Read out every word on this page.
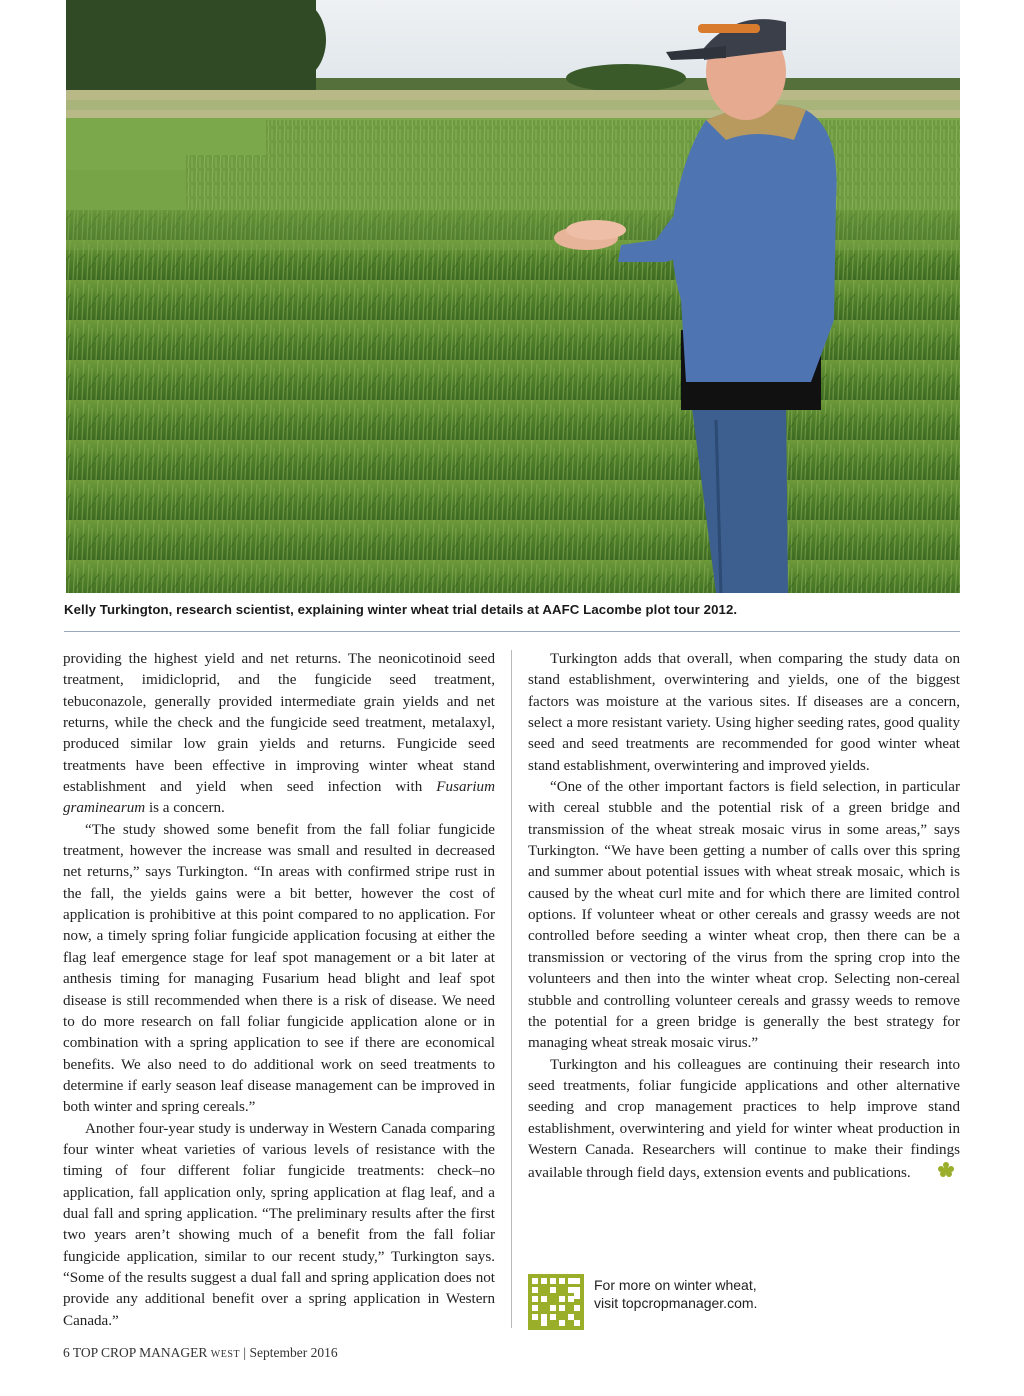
Kelly Turkington, research scientist, explaining winter wheat trial details at AAFC Lacombe plot tour 2012.

providing the highest yield and net returns. The neonicotinoid seed treatment, imidicloprid, and the fungicide seed treatment, tebuconazole, generally provided intermediate grain yields and net returns, while the check and the fungicide seed treatment, metalaxyl, produced similar low grain yields and returns. Fungicide seed treatments have been effective in improving winter wheat stand establishment and yield when seed infection with Fusarium graminearum is a concern.

“The study showed some benefit from the fall foliar fungicide treatment, however the increase was small and resulted in decreased net returns,” says Turkington. “In areas with confirmed stripe rust in the fall, the yields gains were a bit better, however the cost of application is prohibitive at this point compared to no application. For now, a timely spring foliar fungicide application focusing at either the flag leaf emergence stage for leaf spot management or a bit later at anthesis timing for managing Fusarium head blight and leaf spot disease is still recommended when there is a risk of disease. We need to do more research on fall foliar fungicide application alone or in combination with a spring application to see if there are economical benefits. We also need to do additional work on seed treatments to determine if early season leaf disease management can be improved in both winter and spring cereals.”

Another four-year study is underway in Western Canada comparing four winter wheat varieties of various levels of resistance with the timing of four different foliar fungicide treatments: check–no application, fall application only, spring application at flag leaf, and a dual fall and spring application. “The preliminary results after the first two years aren’t showing much of a benefit from the fall foliar fungicide application, similar to our recent study,” Turkington says. “Some of the results suggest a dual fall and spring application does not provide any additional benefit over a spring application in Western Canada.”

Turkington adds that overall, when comparing the study data on stand establishment, overwintering and yields, one of the biggest factors was moisture at the various sites. If diseases are a concern, select a more resistant variety. Using higher seeding rates, good quality seed and seed treatments are recommended for good winter wheat stand establishment, overwintering and improved yields.

“One of the other important factors is field selection, in particular with cereal stubble and the potential risk of a green bridge and transmission of the wheat streak mosaic virus in some areas,” says Turkington. “We have been getting a number of calls over this spring and summer about potential issues with wheat streak mosaic, which is caused by the wheat curl mite and for which there are limited control options. If volunteer wheat or other cereals and grassy weeds are not controlled before seeding a winter wheat crop, then there can be a transmission or vectoring of the virus from the spring crop into the volunteers and then into the winter wheat crop. Selecting non-cereal stubble and controlling volunteer cereals and grassy weeds to remove the potential for a green bridge is generally the best strategy for managing wheat streak mosaic virus.”

Turkington and his colleagues are continuing their research into seed treatments, foliar fungicide applications and other alternative seeding and crop management practices to help improve stand establishment, overwintering and yield for winter wheat production in Western Canada. Researchers will continue to make their findings available through field days, extension events and publications.

For more on winter wheat,
visit topcropmanager.com.
6 TOP CROP MANAGER WEST | September 2016
